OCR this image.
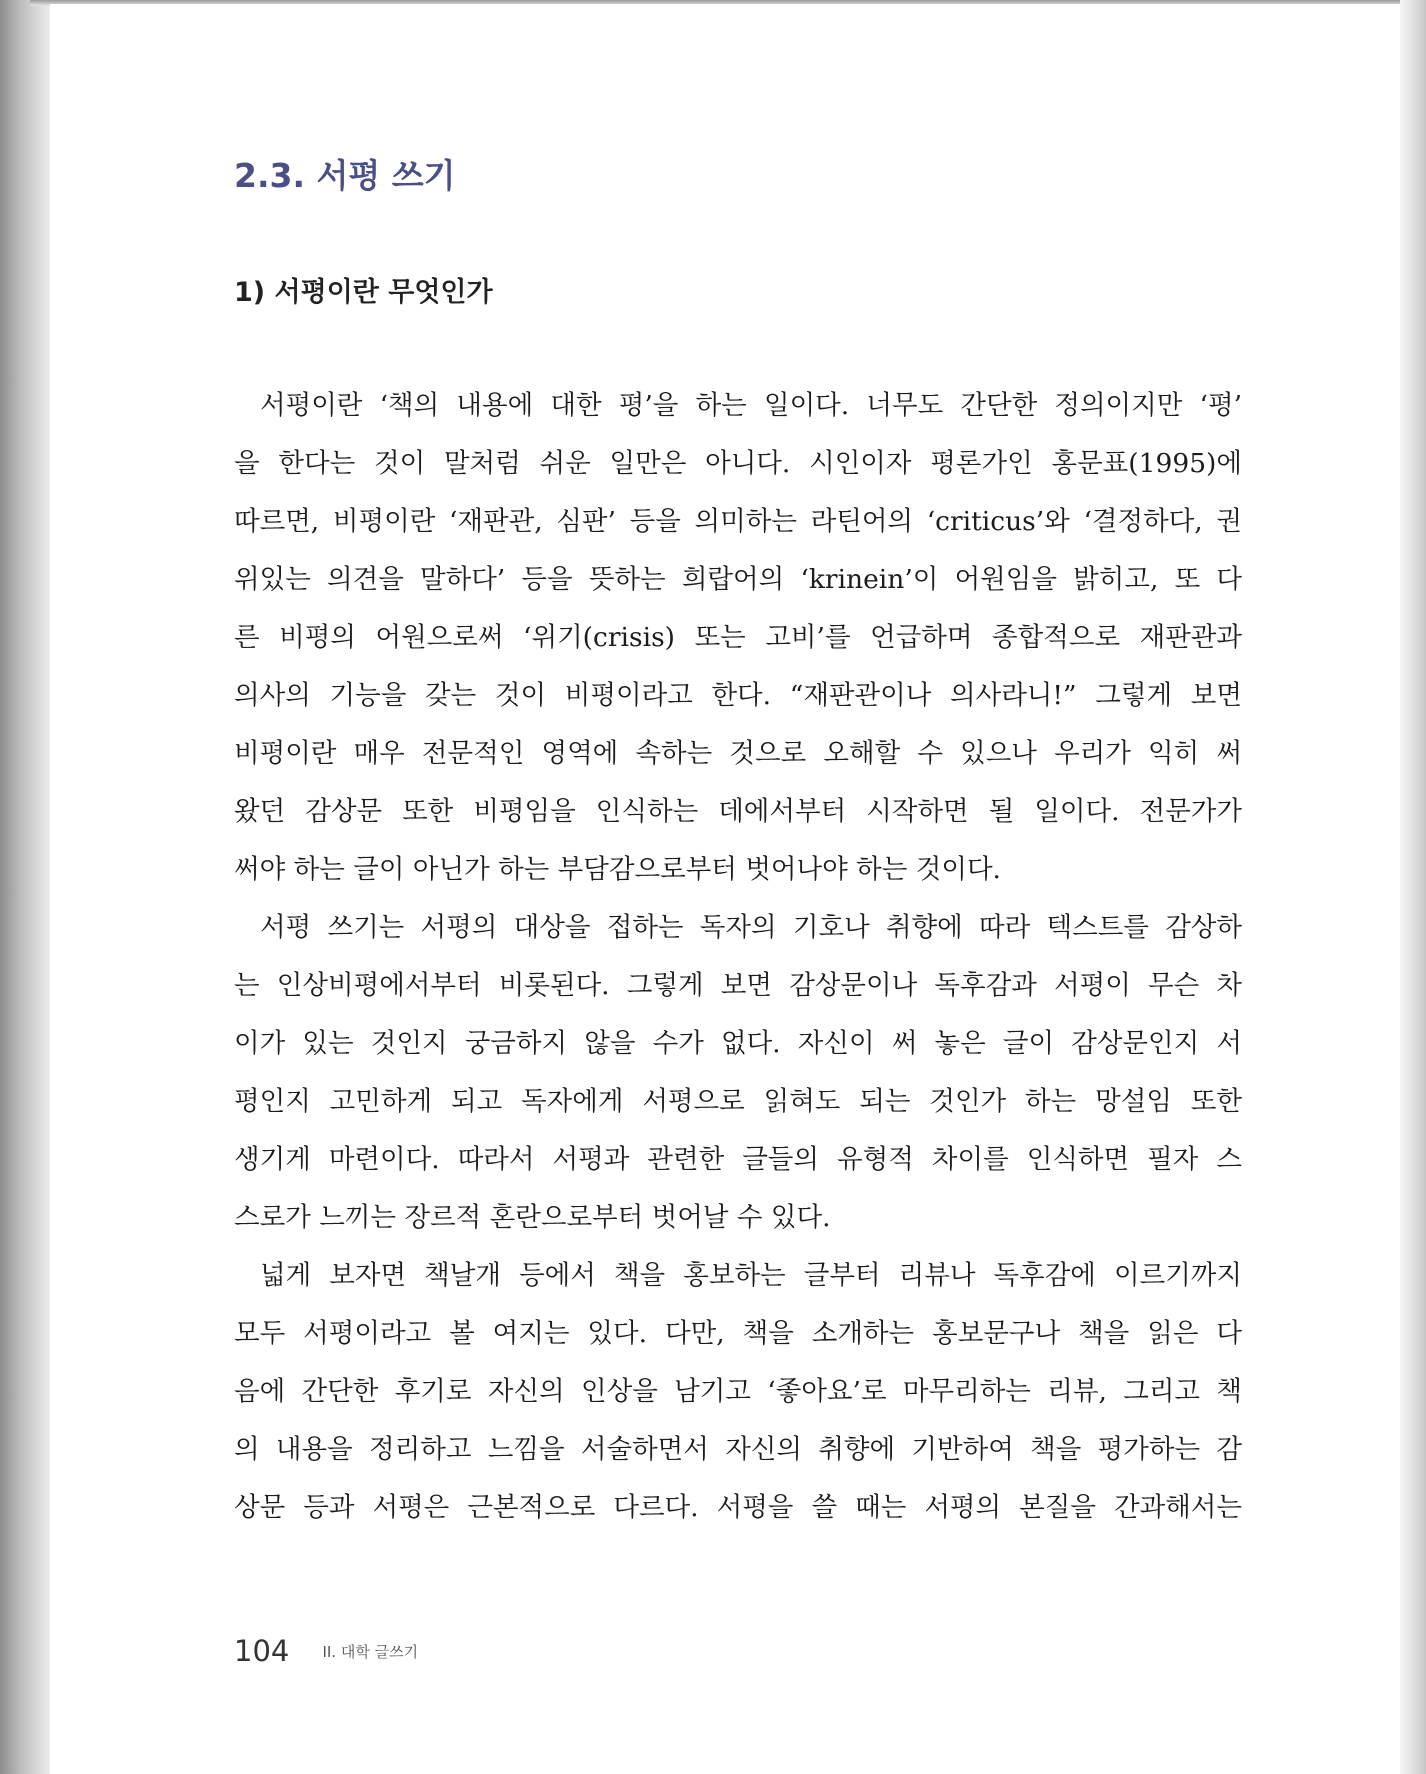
2.3. 서평 쓰기
1) 서평이란 무엇인가
서평이란 ‘책의 내용에 대한 평’을 하는 일이다. 너무도 간단한 정의이지만 ‘평’
을 한다는 것이 말처럼 쉬운 일만은 아니다. 시인이자 평론가인 홍문표(1995)에
따르면, 비평이란 ‘재판관, 심판’ 등을 의미하는 라틴어의 ‘criticus’와 ‘결정하다, 권
위있는 의견을 말하다’ 등을 뜻하는 희랍어의 ‘krinein’이 어원임을 밝히고, 또 다
른 비평의 어원으로써 ‘위기(crisis) 또는 고비’를 언급하며 종합적으로 재판관과
의사의 기능을 갖는 것이 비평이라고 한다. “재판관이나 의사라니!” 그렇게 보면
비평이란 매우 전문적인 영역에 속하는 것으로 오해할 수 있으나 우리가 익히 써
왔던 감상문 또한 비평임을 인식하는 데에서부터 시작하면 될 일이다. 전문가가
써야 하는 글이 아닌가 하는 부담감으로부터 벗어나야 하는 것이다.
서평 쓰기는 서평의 대상을 접하는 독자의 기호나 취향에 따라 텍스트를 감상하
는 인상비평에서부터 비롯된다. 그렇게 보면 감상문이나 독후감과 서평이 무슨 차
이가 있는 것인지 궁금하지 않을 수가 없다. 자신이 써 놓은 글이 감상문인지 서
평인지 고민하게 되고 독자에게 서평으로 읽혀도 되는 것인가 하는 망설임 또한
생기게 마련이다. 따라서 서평과 관련한 글들의 유형적 차이를 인식하면 필자 스
스로가 느끼는 장르적 혼란으로부터 벗어날 수 있다.
넓게 보자면 책날개 등에서 책을 홍보하는 글부터 리뷰나 독후감에 이르기까지
모두 서평이라고 볼 여지는 있다. 다만, 책을 소개하는 홍보문구나 책을 읽은 다
음에 간단한 후기로 자신의 인상을 남기고 ‘좋아요’로 마무리하는 리뷰, 그리고 책
의 내용을 정리하고 느낌을 서술하면서 자신의 취향에 기반하여 책을 평가하는 감
상문 등과 서평은 근본적으로 다르다. 서평을 쓸 때는 서평의 본질을 간과해서는
104 II. 대학 글쓰기
